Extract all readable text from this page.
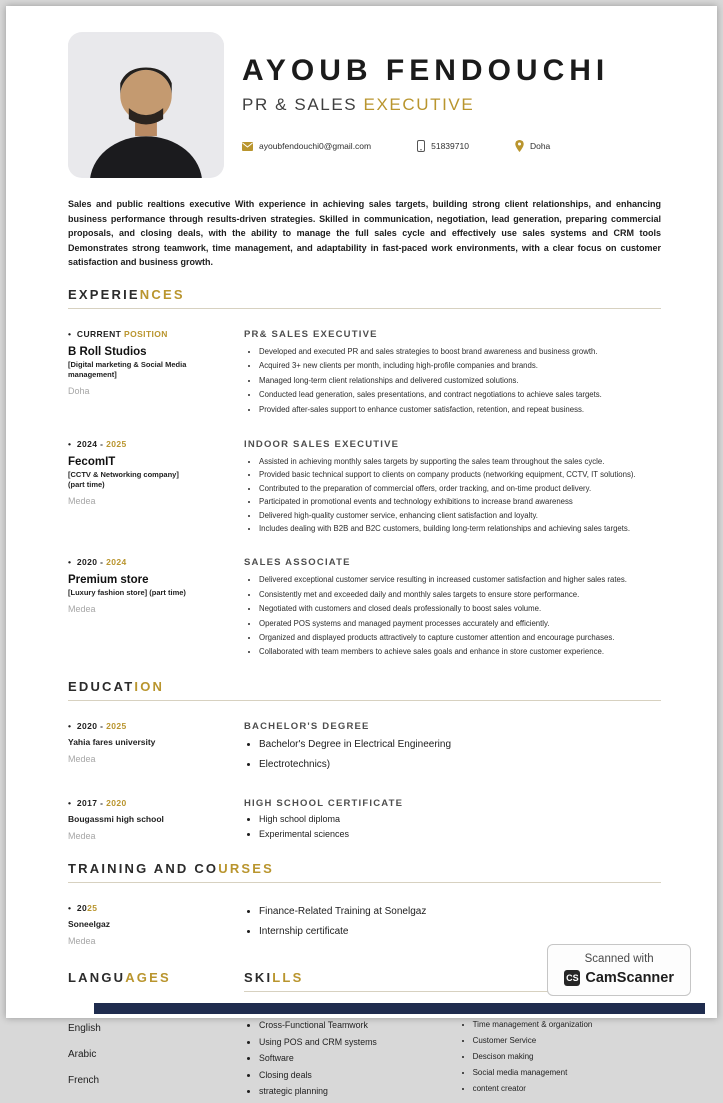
AYOUB FENDOUCHI
PR & SALES EXECUTIVE
ayoubfendouchi0@gmail.com	51839710	Doha

Sales and public realtions executive With experience in achieving sales targets, building strong client relationships, and enhancing business performance through results-driven strategies. Skilled in communication, negotiation, lead generation, preparing commercial proposals, and closing deals, with the ability to manage the full sales cycle and effectively use sales systems and CRM tools Demonstrates strong teamwork, time management, and adaptability in fast-paced work environments, with a clear focus on customer satisfaction and business growth.

EXPERIENCES
•  CURRENT POSITION
B Roll Studios
[Digital marketing & Social Media management]
Doha
PR& SALES EXECUTIVE
• Developed and executed PR and sales strategies to boost brand awareness and business growth.
• Acquired 3+ new clients per month, including high-profile companies and brands.
• Managed long-term client relationships and delivered customized solutions.
• Conducted lead generation, sales presentations, and contract negotiations to achieve sales targets.
• Provided after-sales support to enhance customer satisfaction, retention, and repeat business.
•  2024 - 2025
FecomIT
[CCTV & Networking company] (part time)
Medea
INDOOR SALES EXECUTIVE
• Assisted in achieving monthly sales targets by supporting the sales team throughout the sales cycle.
• Provided basic technical support to clients on company products (networking equipment, CCTV, IT solutions).
• Contributed to the preparation of commercial offers, order tracking, and on-time product delivery.
• Participated in promotional events and technology exhibitions to increase brand awareness
• Delivered high-quality customer service, enhancing client satisfaction and loyalty.
• Includes dealing with B2B and B2C customers, building long-term relationships and achieving sales targets.
•  2020 - 2024
Premium store
[Luxury fashion store] (part time)
Medea
SALES ASSOCIATE
• Delivered exceptional customer service resulting in increased customer satisfaction and higher sales rates.
• Consistently met and exceeded daily and monthly sales targets to ensure store performance.
• Negotiated with customers and closed deals professionally to boost sales volume.
• Operated POS systems and managed payment processes accurately and efficiently.
• Organized and displayed products attractively to capture customer attention and encourage purchases.
• Collaborated with team members to achieve sales goals and enhance in store customer experience.
EDUCATION
•  2020 - 2025
Yahia fares university
Medea
BACHELOR'S DEGREE
• Bachelor's Degree in Electrical Engineering
• Electrotechnics)
•  2017 - 2020
Bougassmi high school
Medea
HIGH SCHOOL CERTIFICATE
• High school diploma
• Experimental sciences
TRAINING AND COURSES
•  2025
Soneelgaz
Medea
• Finance-Related Training at Sonelgaz
• Internship certificate
LANGUAGES
English
Arabic
French
SKILLS
•
• Cross-Functional Teamwork
• Using POS and CRM systems
• Software
• Closing deals
• strategic planning
•
• Time management & organization
• Customer Service
• Descison making
• Social media management
• content creator
Scanned with
CS CamScanner
